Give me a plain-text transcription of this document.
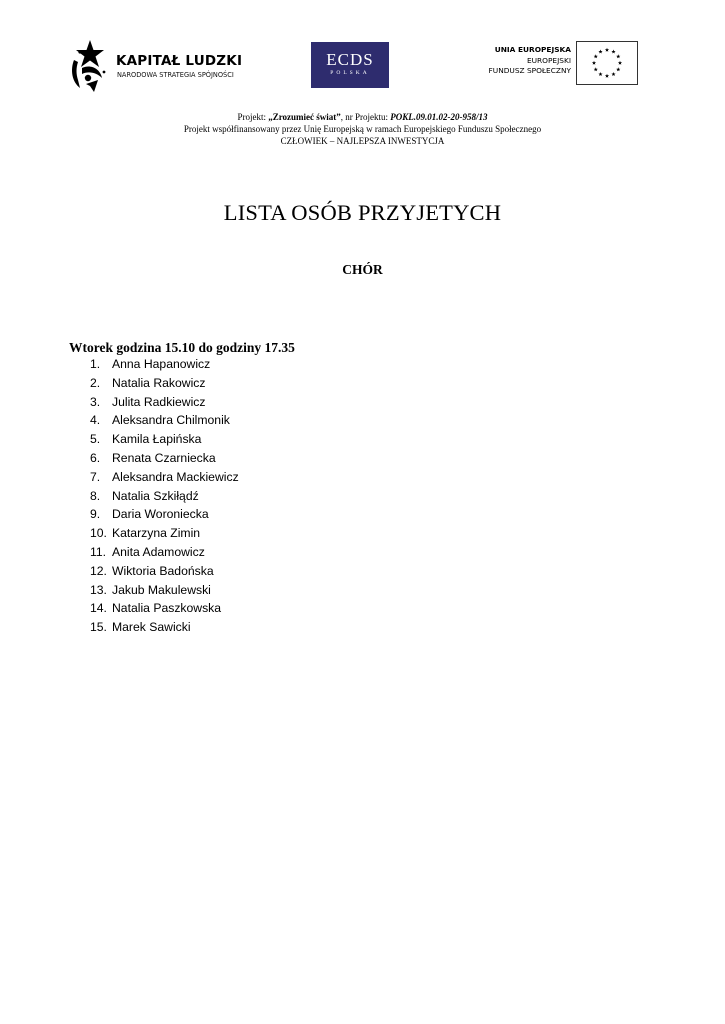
KAPITAŁ LUDZKI
NARODOWA STRATEGIA SPÓJNOŚCI
ECDS
POLSKA
UNIA EUROPEJSKA
EUROPEJSKI
FUNDUSZ SPOŁECZNY
Projekt: „Zrozumieć świat”, nr Projektu: POKL.09.01.02-20-958/13
Projekt współfinansowany przez Unię Europejską w ramach Europejskiego Funduszu Społecznego
CZŁOWIEK – NAJLEPSZA INWESTYCJA
LISTA OSÓB PRZYJETYCH
CHÓR
Wtorek godzina 15.10 do godziny 17.35
1. Anna Hapanowicz
2. Natalia Rakowicz
3. Julita Radkiewicz
4. Aleksandra Chilmonik
5. Kamila Łapińska
6. Renata Czarniecka
7. Aleksandra Mackiewicz
8. Natalia Szkiłądź
9. Daria Woroniecka
10. Katarzyna Zimin
11. Anita Adamowicz
12. Wiktoria Badońska
13. Jakub Makulewski
14. Natalia Paszkowska
15. Marek Sawicki
